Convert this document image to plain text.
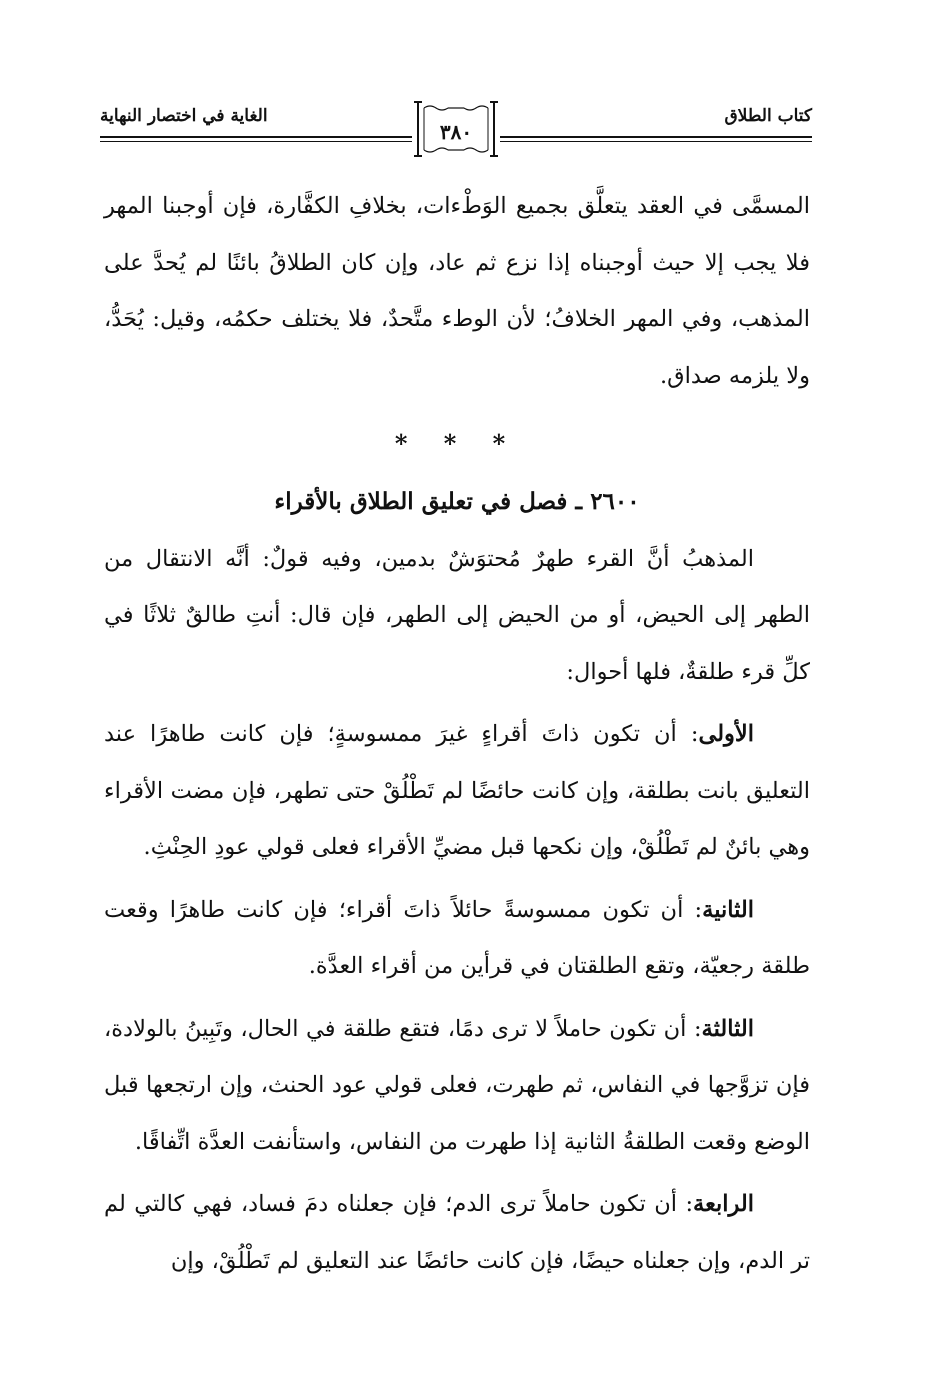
كتاب الطلاق
الغاية في اختصار النهاية
٣٨٠

المسمَّى في العقد يتعلَّق بجميع الوَطْءات، بخلافِ الكفَّارة، فإن أوجبنا المهر فلا يجب إلا حيث أوجبناه إذا نزع ثم عاد، وإن كان الطلاقُ بائنًا لم يُحدَّ على المذهب، وفي المهر الخلافُ؛ لأن الوطء متَّحدٌ، فلا يختلف حكمُه، وقيل: يُحَدُّ، ولا يلزمه صداق.

* * *

٢٦٠٠ ـ فصل في تعليق الطلاق بالأقراء

المذهبُ أنَّ القرء طهرٌ مُحتوَشٌ بدمين، وفيه قولٌ: أنَّه الانتقال من الطهر إلى الحيض، أو من الحيض إلى الطهر، فإن قال: أنتِ طالقٌ ثلاثًا في كلِّ قرء طلقةٌ، فلها أحوال:

الأولى: أن تكون ذاتَ أقراءٍ غيرَ ممسوسةٍ؛ فإن كانت طاهرًا عند التعليق بانت بطلقة، وإن كانت حائضًا لم تَطْلُقْ حتى تطهر، فإن مضت الأقراء وهي بائنٌ لم تَطْلُقْ، وإن نكحها قبل مضيِّ الأقراء فعلى قولي عودِ الحِنْثِ.

الثانية: أن تكون ممسوسةً حائلاً ذاتَ أقراء؛ فإن كانت طاهرًا وقعت طلقة رجعيّة، وتقع الطلقتان في قرأين من أقراء العدَّة.

الثالثة: أن تكون حاملاً لا ترى دمًا، فتقع طلقة في الحال، وتَبِينُ بالولادة، فإن تزوَّجها في النفاس، ثم طهرت، فعلى قولي عود الحنث، وإن ارتجعها قبل الوضع وقعت الطلقةُ الثانية إذا طهرت من النفاس، واستأنفت العدَّة اتِّفاقًا.

الرابعة: أن تكون حاملاً ترى الدم؛ فإن جعلناه دمَ فساد، فهي كالتي لم تر الدم، وإن جعلناه حيضًا، فإن كانت حائضًا عند التعليق لم تَطْلُقْ، وإن
